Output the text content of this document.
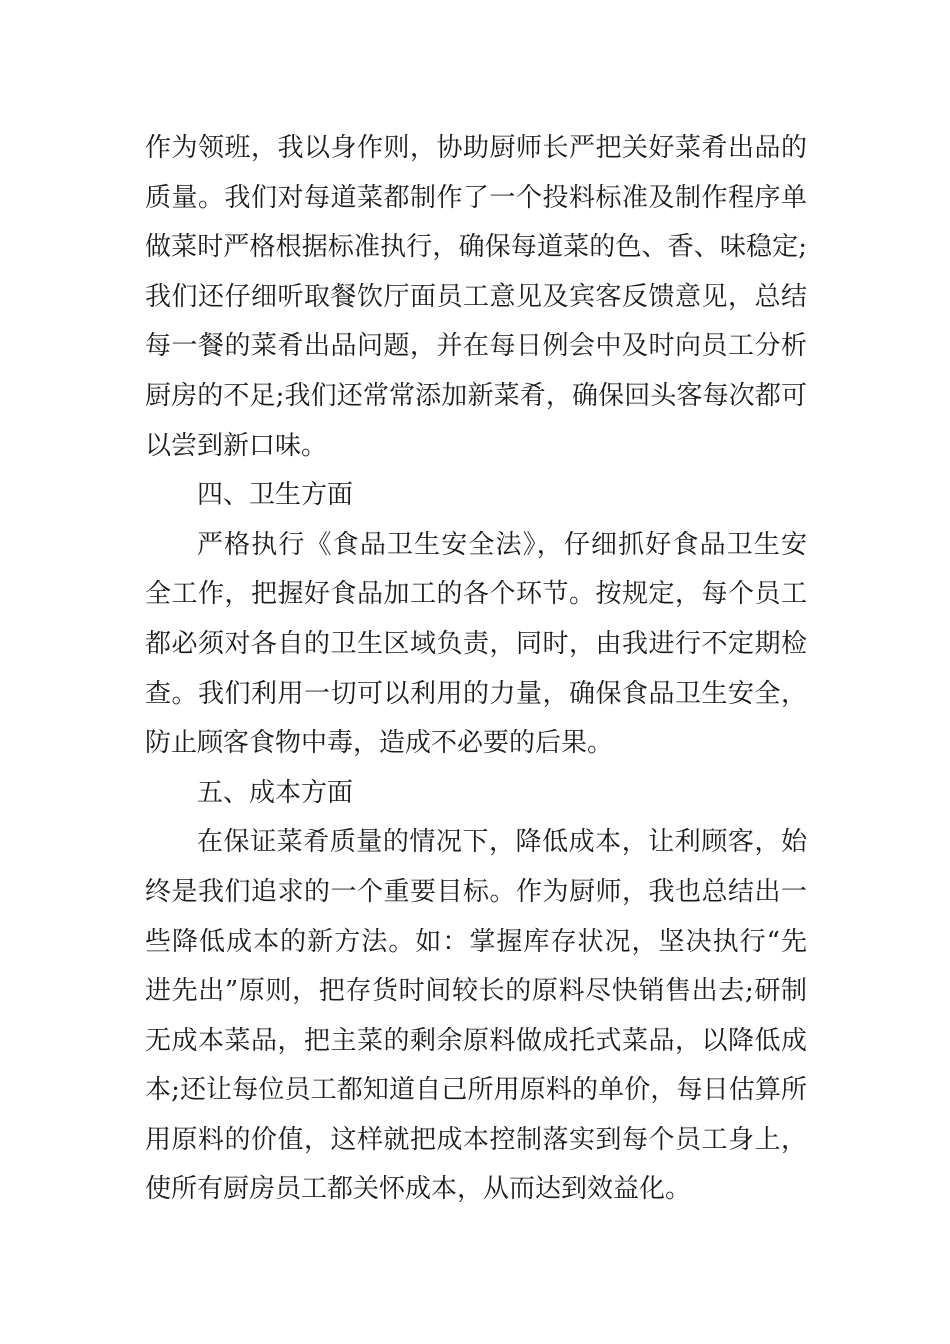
作为领班，我以身作则，协助厨师长严把关好菜肴出品的
质量。我们对每道菜都制作了一个投料标准及制作程序单
做菜时严格根据标准执行，确保每道菜的色、香、味稳定;
我们还仔细听取餐饮厅面员工意见及宾客反馈意见，总结
每一餐的菜肴出品问题，并在每日例会中及时向员工分析
厨房的不足;我们还常常添加新菜肴，确保回头客每次都可
以尝到新口味。
四、卫生方面
严格执行《食品卫生安全法》，仔细抓好食品卫生安
全工作，把握好食品加工的各个环节。按规定，每个员工
都必须对各自的卫生区域负责，同时，由我进行不定期检
查。我们利用一切可以利用的力量，确保食品卫生安全，
防止顾客食物中毒，造成不必要的后果。
五、成本方面
在保证菜肴质量的情况下，降低成本，让利顾客，始
终是我们追求的一个重要目标。作为厨师，我也总结出一
些降低成本的新方法。如：掌握库存状况，坚决执行“先
进先出”原则，把存货时间较长的原料尽快销售出去;研制
无成本菜品，把主菜的剩余原料做成托式菜品，以降低成
本;还让每位员工都知道自己所用原料的单价，每日估算所
用原料的价值，这样就把成本控制落实到每个员工身上，
使所有厨房员工都关怀成本，从而达到效益化。
